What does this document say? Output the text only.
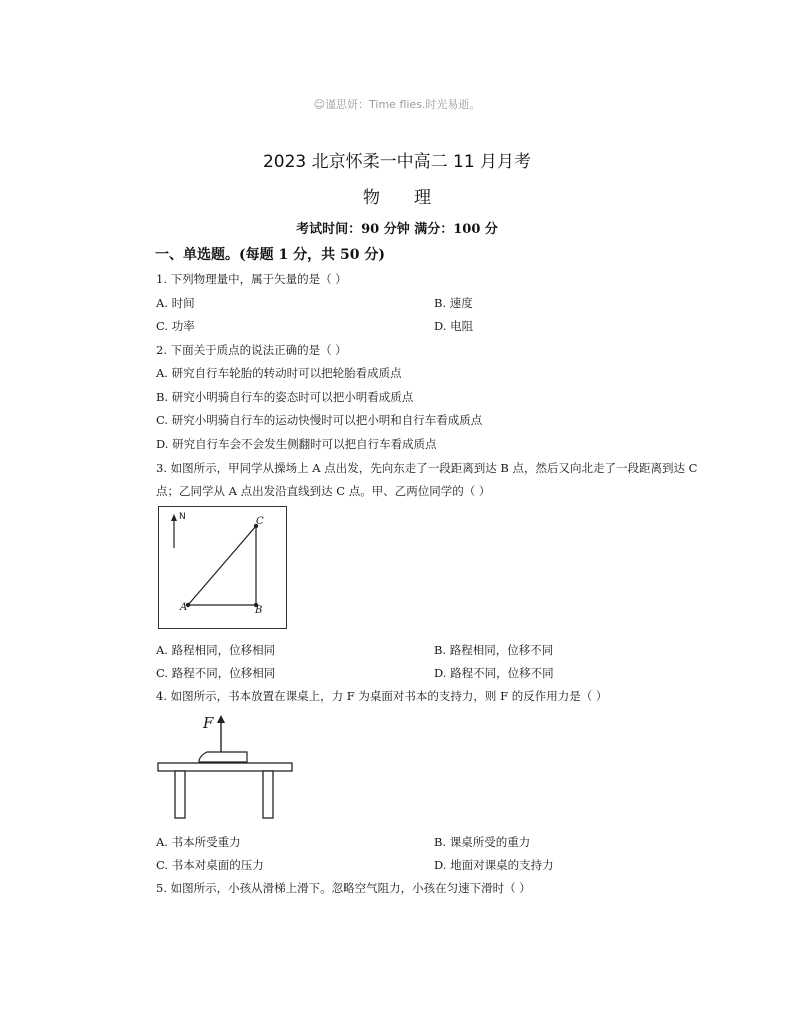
☺谨思妍：Time flies.时光易逝。
2023 北京怀柔一中高二 11 月月考
物理
考试时间：90 分钟 满分：100 分
一、单选题。(每题 1 分，共 50 分)
1. 下列物理量中，属于矢量的是（ ）
A. 时间	B. 速度
C. 功率	D. 电阻
2. 下面关于质点的说法正确的是（ ）
A. 研究自行车轮胎的转动时可以把轮胎看成质点
B. 研究小明骑自行车的姿态时可以把小明看成质点
C. 研究小明骑自行车的运动快慢时可以把小明和自行车看成质点
D. 研究自行车会不会发生侧翻时可以把自行车看成质点
3. 如图所示，甲同学从操场上 A 点出发，先向东走了一段距离到达 B 点，然后又向北走了一段距离到达 C
点；乙同学从 A 点出发沿直线到达 C 点。甲、乙两位同学的（ ）
N
A	B
C
A. 路程相同，位移相同	B. 路程相同，位移不同
C. 路程不同，位移相同	D. 路程不同，位移不同
4. 如图所示，书本放置在课桌上，力 F 为桌面对书本的支持力，则 F 的反作用力是（ ）
F
A. 书本所受重力	B. 课桌所受的重力
C. 书本对桌面的压力	D. 地面对课桌的支持力
5. 如图所示，小孩从滑梯上滑下。忽略空气阻力，小孩在匀速下滑时（ ）
